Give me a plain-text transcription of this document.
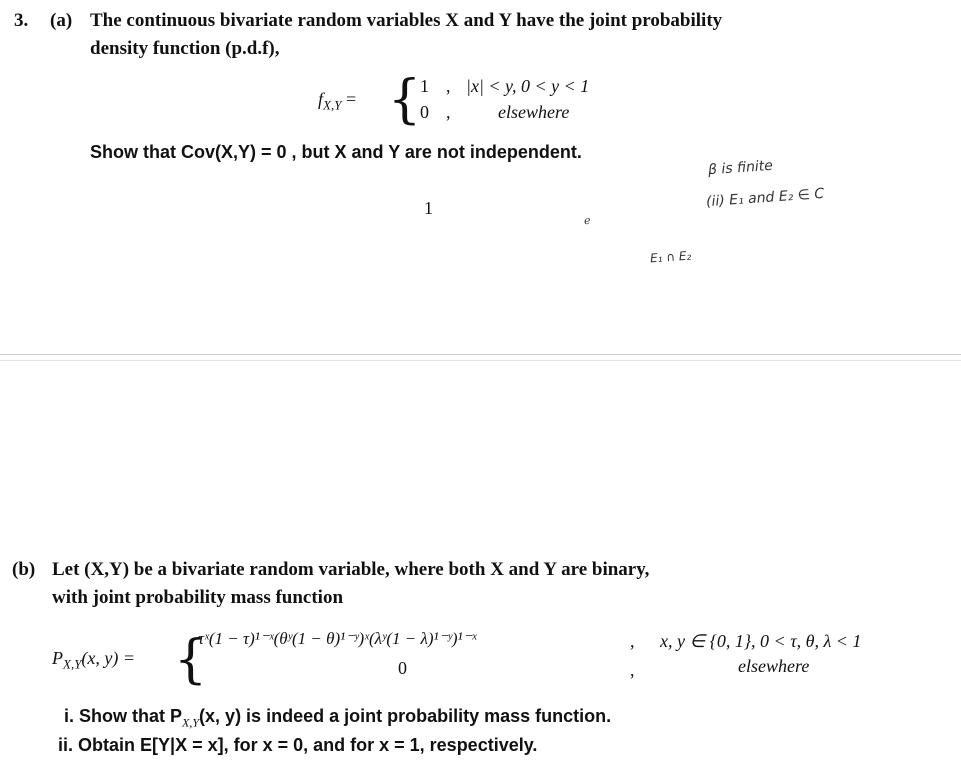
3. (a) The continuous bivariate random variables X and Y have the joint probability
density function (p.d.f),
$f_{X,Y}$ = {
1 , |x| < y, 0 < y < 1
0 ,	elsewhere
Show that Cov(X,Y) = 0 , but X and Y are not independent.
1
β is finite
(ii) E₁ and E₂ ∈ C
E₁ ∩ E₂
ℯ
(b) Let (X,Y) be a bivariate random variable, where both X and Y are binary,
with joint probability mass function
$P_{X,Y}(x$, y) = {
τˣ(1 − τ)¹⁻ˣ(θʸ(1 − θ)¹⁻ʸ)ˣ(λʸ(1 − λ)¹⁻ʸ)¹⁻ˣ	, x, y ∈ {0, 1}, 0 < τ, θ, λ < 1
0	,	elsewhere
i. Show that $P_{X,Y}(x$, y) is indeed a joint probability mass function.
ii. Obtain E[Y|X = x], for x = 0, and for x = 1, respectively.
